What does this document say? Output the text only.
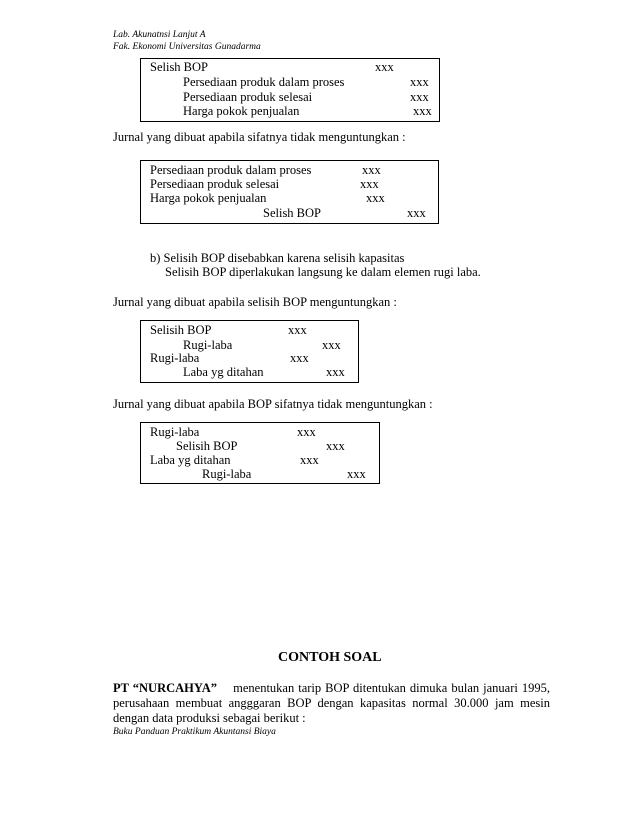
Lab. Akunatnsi Lanjut A
Fak. Ekonomi Universitas Gunadarma
Selish BOP	xxx
Persediaan produk dalam proses	xxx
Persediaan produk selesai	xxx
Harga pokok penjualan	xxx
Jurnal yang dibuat apabila sifatnya tidak menguntungkan :
Persediaan produk dalam proses	xxx
Persediaan produk selesai	xxx
Harga pokok penjualan	xxx
Selish BOP	xxx
b) Selisih BOP disebabkan karena selisih kapasitas
Selisih BOP diperlakukan langsung ke dalam elemen rugi laba.
Jurnal yang dibuat apabila selisih BOP menguntungkan :
Selisih BOP	xxx
Rugi-laba	xxx
Rugi-laba	xxx
Laba yg ditahan	xxx
Jurnal yang dibuat apabila BOP sifatnya tidak menguntungkan :
Rugi-laba	xxx
Selisih BOP	xxx
Laba yg ditahan	xxx
Rugi-laba	xxx
CONTOH SOAL
PT “NURCAHYA” menentukan tarip BOP ditentukan dimuka bulan januari 1995, perusahaan membuat angggaran BOP dengan kapasitas normal 30.000 jam mesin dengan data produksi sebagai berikut :
Buku Panduan Praktikum Akuntansi Biaya
